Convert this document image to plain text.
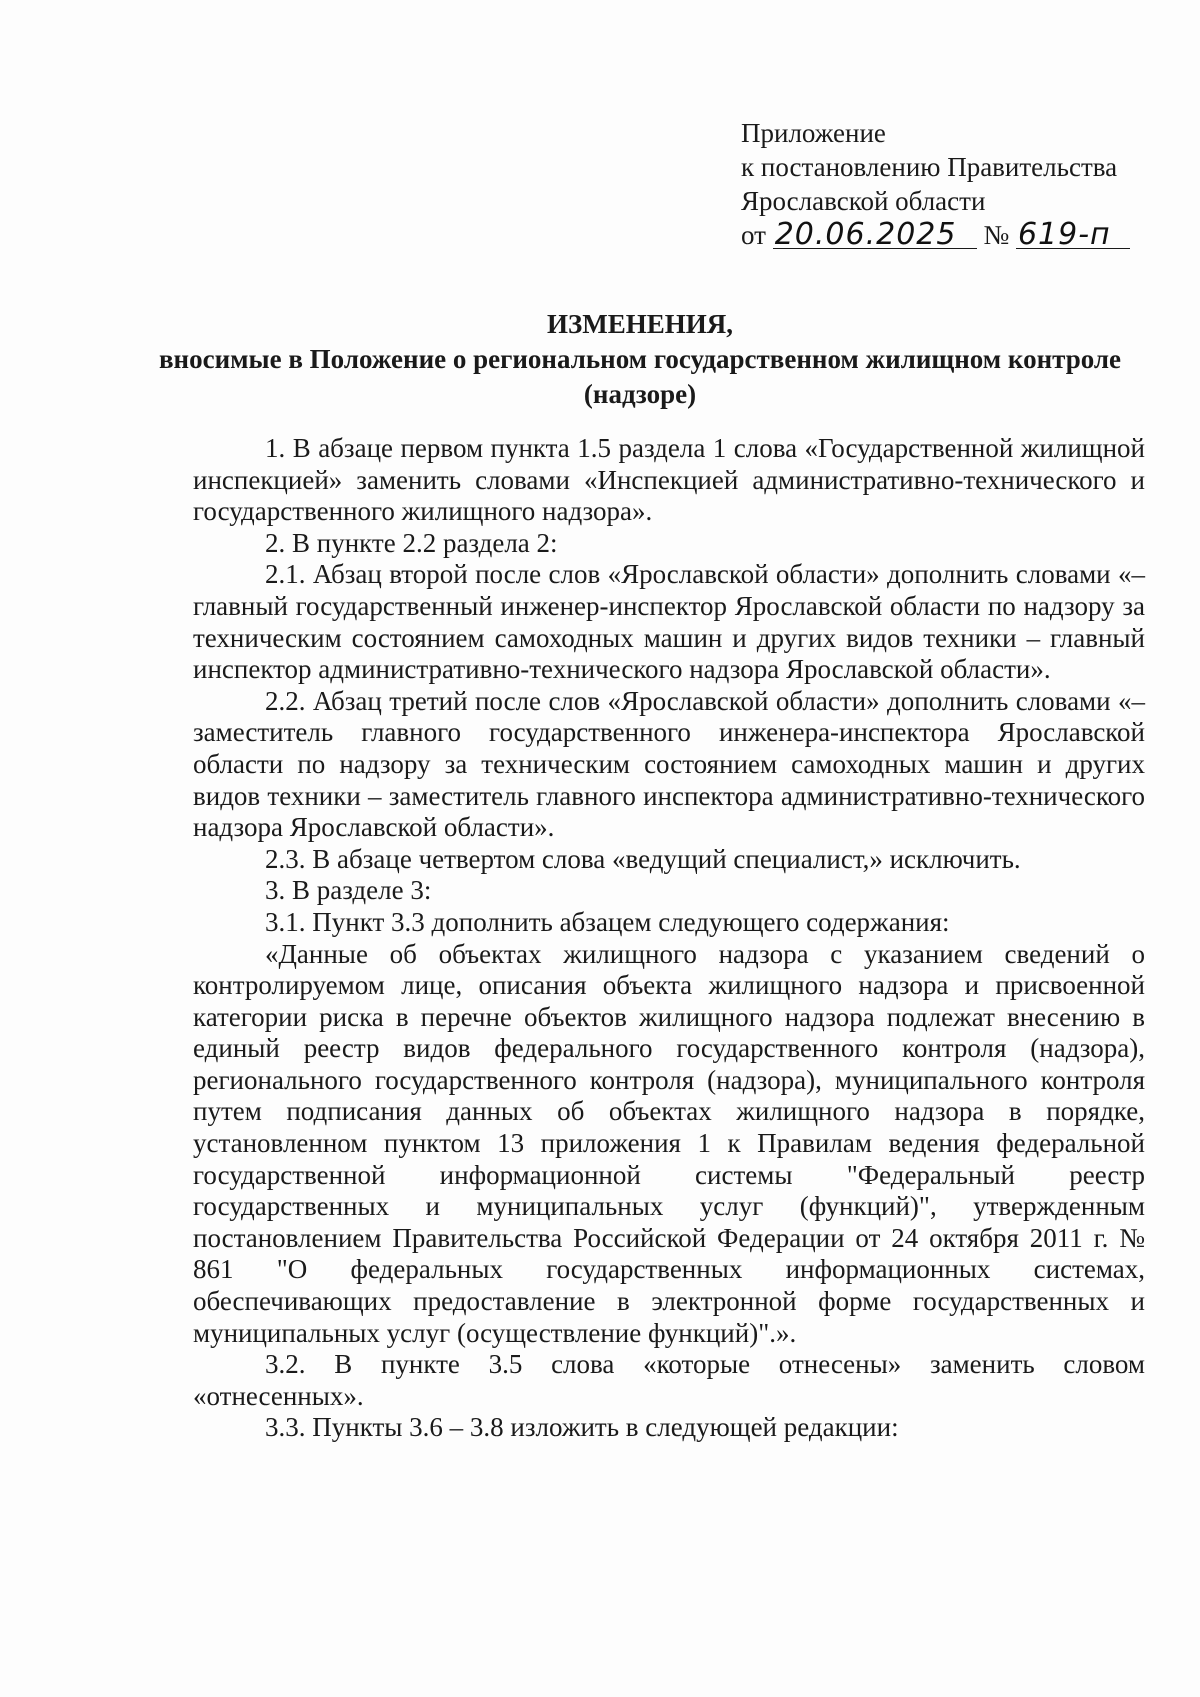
Приложение
к постановлению Правительства
Ярославской области
от 20.06.2025 № 619-п
ИЗМЕНЕНИЯ,
вносимые в Положение о региональном государственном жилищном контроле (надзоре)

1. В абзаце первом пункта 1.5 раздела 1 слова «Государственной жилищной инспекцией» заменить словами «Инспекцией административно-технического и государственного жилищного надзора».

2. В пункте 2.2 раздела 2:

2.1. Абзац второй после слов «Ярославской области» дополнить словами «– главный государственный инженер-инспектор Ярославской области по надзору за техническим состоянием самоходных машин и других видов техники – главный инспектор административно-технического надзора Ярославской области».

2.2. Абзац третий после слов «Ярославской области» дополнить словами «– заместитель главного государственного инженера-инспектора Ярославской области по надзору за техническим состоянием самоходных машин и других видов техники – заместитель главного инспектора административно-технического надзора Ярославской области».

2.3. В абзаце четвертом слова «ведущий специалист,» исключить.

3. В разделе 3:

3.1. Пункт 3.3 дополнить абзацем следующего содержания:

«Данные об объектах жилищного надзора с указанием сведений о контролируемом лице, описания объекта жилищного надзора и присвоенной категории риска в перечне объектов жилищного надзора подлежат внесению в единый реестр видов федерального государственного контроля (надзора), регионального государственного контроля (надзора), муниципального контроля путем подписания данных об объектах жилищного надзора в порядке, установленном пунктом 13 приложения 1 к Правилам ведения федеральной государственной информационной системы "Федеральный реестр государственных и муниципальных услуг (функций)", утвержденным постановлением Правительства Российской Федерации от 24 октября 2011 г. № 861 "О федеральных государственных информационных системах, обеспечивающих предоставление в электронной форме государственных и муниципальных услуг (осуществление функций)".».

3.2. В пункте 3.5 слова «которые отнесены» заменить словом «отнесенных».

3.3. Пункты 3.6 – 3.8 изложить в следующей редакции:
